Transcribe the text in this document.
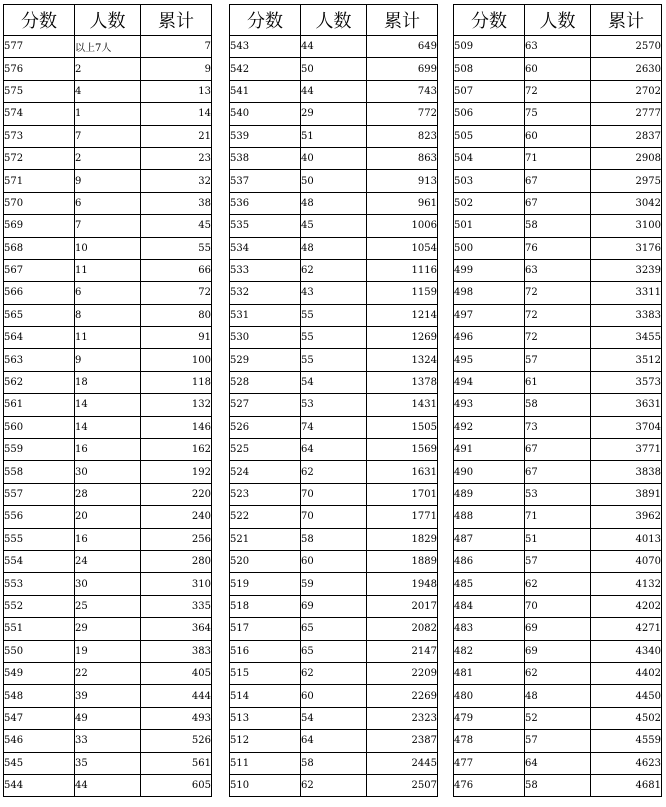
分数	人数	累计
577	以上7人	7
576	2	9
575	4	13
574	1	14
573	7	21
572	2	23
571	9	32
570	6	38
569	7	45
568	10	55
567	11	66
566	6	72
565	8	80
564	11	91
563	9	100
562	18	118
561	14	132
560	14	146
559	16	162
558	30	192
557	28	220
556	20	240
555	16	256
554	24	280
553	30	310
552	25	335
551	29	364
550	19	383
549	22	405
548	39	444
547	49	493
546	33	526
545	35	561
544	44	605
分数	人数	累计
543	44	649
542	50	699
541	44	743
540	29	772
539	51	823
538	40	863
537	50	913
536	48	961
535	45	1006
534	48	1054
533	62	1116
532	43	1159
531	55	1214
530	55	1269
529	55	1324
528	54	1378
527	53	1431
526	74	1505
525	64	1569
524	62	1631
523	70	1701
522	70	1771
521	58	1829
520	60	1889
519	59	1948
518	69	2017
517	65	2082
516	65	2147
515	62	2209
514	60	2269
513	54	2323
512	64	2387
511	58	2445
510	62	2507
分数	人数	累计
509	63	2570
508	60	2630
507	72	2702
506	75	2777
505	60	2837
504	71	2908
503	67	2975
502	67	3042
501	58	3100
500	76	3176
499	63	3239
498	72	3311
497	72	3383
496	72	3455
495	57	3512
494	61	3573
493	58	3631
492	73	3704
491	67	3771
490	67	3838
489	53	3891
488	71	3962
487	51	4013
486	57	4070
485	62	4132
484	70	4202
483	69	4271
482	69	4340
481	62	4402
480	48	4450
479	52	4502
478	57	4559
477	64	4623
476	58	4681
